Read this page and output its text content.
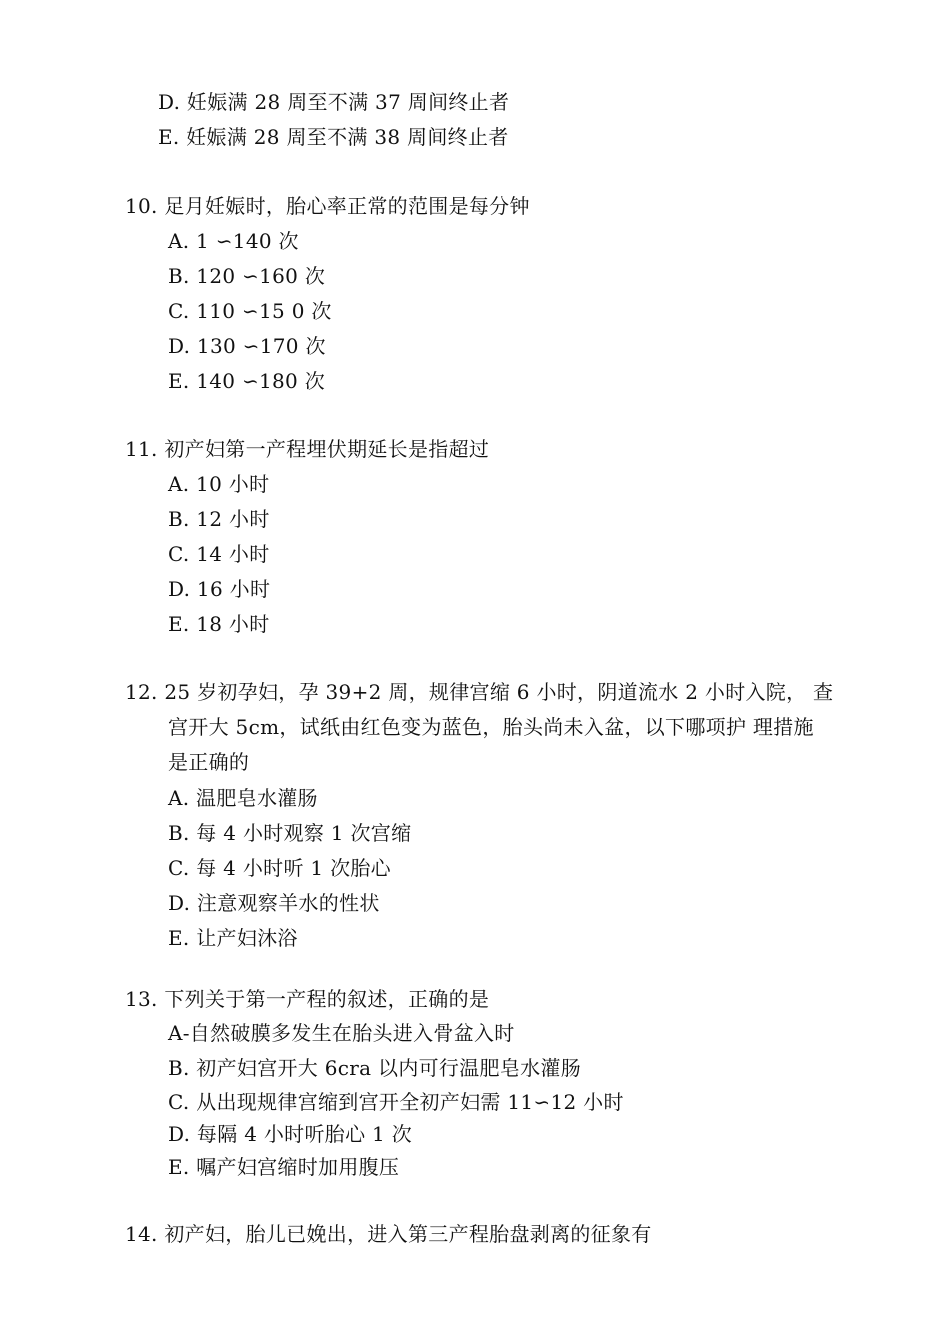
D. 妊娠满 28 周至不满 37 周间终止者
E. 妊娠满 28 周至不满 38 周间终止者
10. 足月妊娠时，胎心率正常的范围是每分钟
A. 1 ∽140 次
B. 120 ∽160 次
C. 110 ∽15 0 次
D. 130 ∽170 次
E. 140 ∽180 次
11. 初产妇第一产程埋伏期延长是指超过
A. 10 小时
B. 12 小时
C. 14 小时
D. 16 小时
E. 18 小时
12. 25 岁初孕妇，孕 39+2 周，规律宫缩 6 小时，阴道流水 2 小时入院， 查
宫开大 5cm，试纸由红色变为蓝色，胎头尚未入盆，以下哪项护 理措施
是正确的
A. 温肥皂水灌肠
B. 每 4 小时观察 1 次宫缩
C. 每 4 小时听 1 次胎心
D. 注意观察羊水的性状
E. 让产妇沐浴
13. 下列关于第一产程的叙述，正确的是
A-自然破膜多发生在胎头进入骨盆入时
B. 初产妇宫开大 6cra 以内可行温肥皂水灌肠
C. 从出现规律宫缩到宫开全初产妇需 11∽12 小时
D. 每隔 4 小时听胎心 1 次
E. 嘱产妇宫缩时加用腹压
14. 初产妇，胎儿已娩出，进入第三产程胎盘剥离的征象有
